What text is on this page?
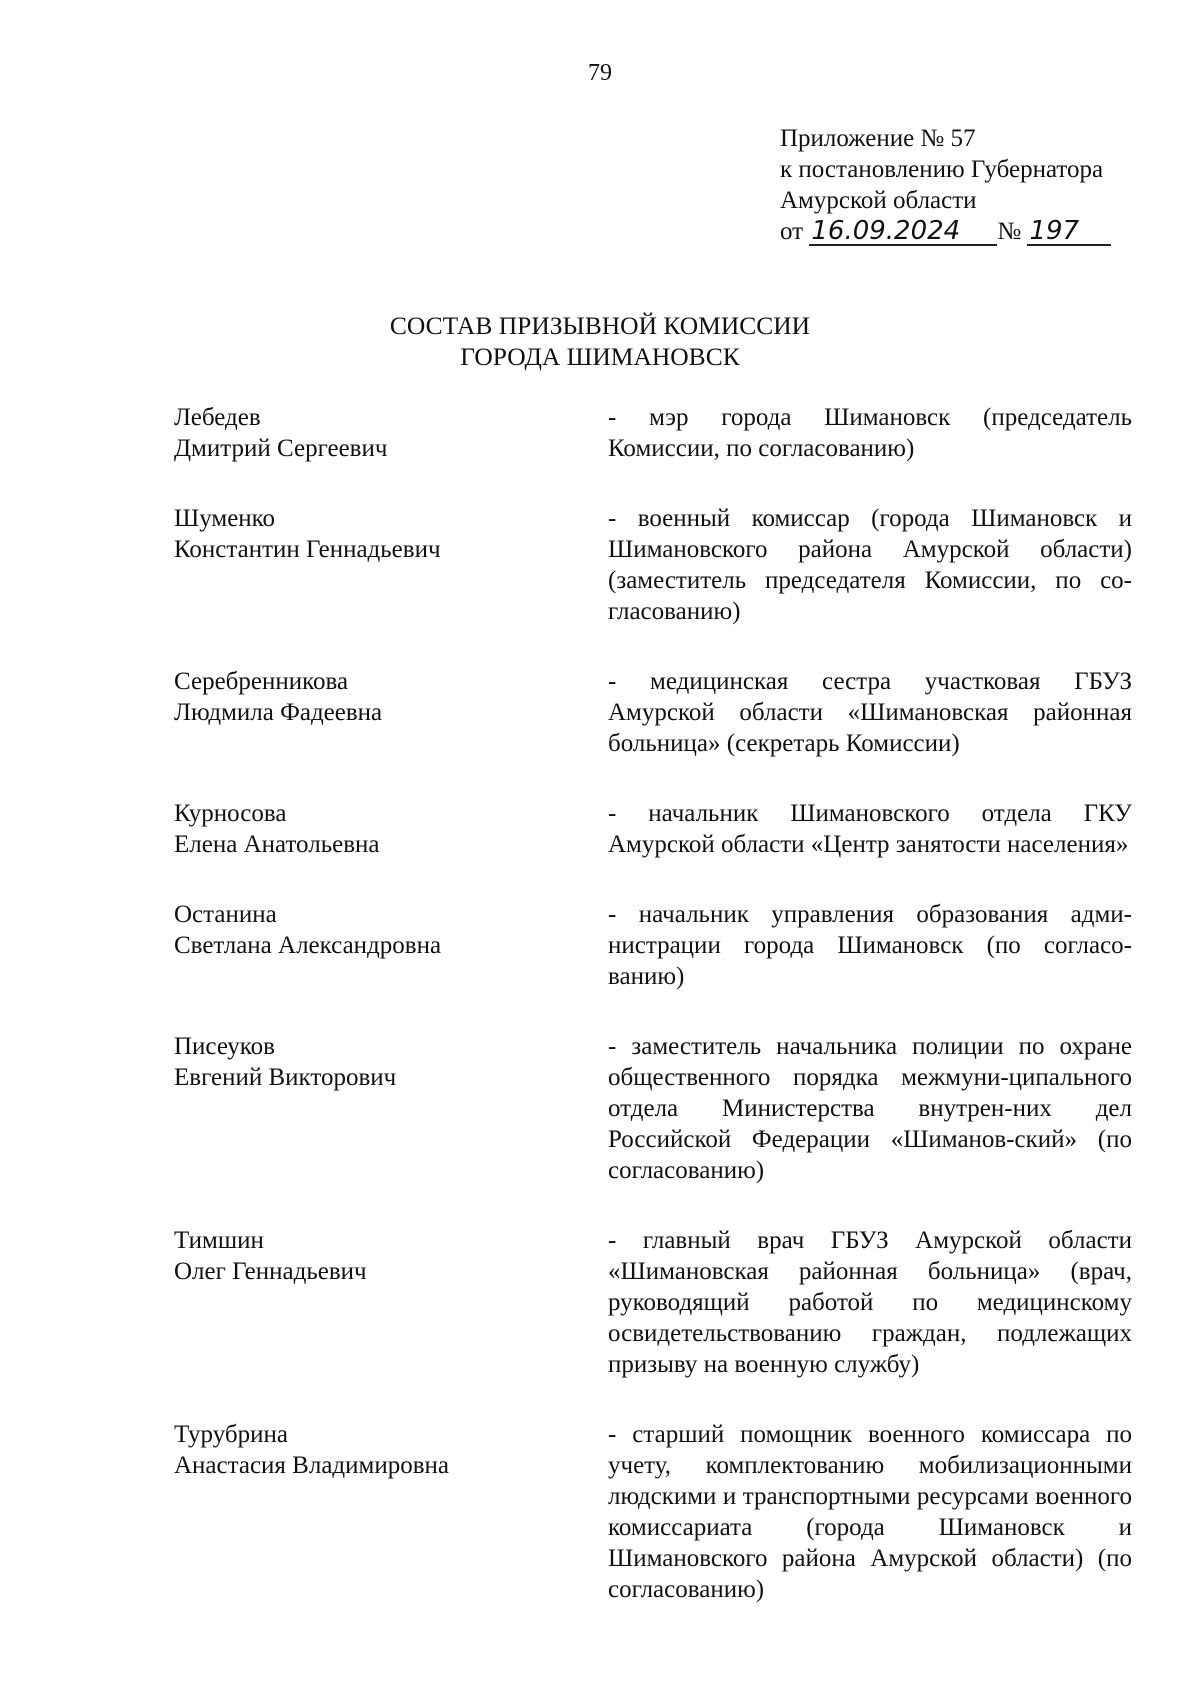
79
Приложение № 57
к постановлению Губернатора
Амурской области
от 16.09.2024 № 197
СОСТАВ ПРИЗЫВНОЙ КОМИССИИ
ГОРОДА ШИМАНОВСК
Лебедев
Дмитрий Сергеевич
- мэр города Шимановск (председатель Комиссии, по согласованию)
Шуменко
Константин Геннадьевич
- военный комиссар (города Шимановск и Шимановского района Амурской области) (заместитель председателя Комиссии, по со-гласованию)
Серебренникова
Людмила Фадеевна
- медицинская сестра участковая ГБУЗ Амурской области «Шимановская районная больница» (секретарь Комиссии)
Курносова
Елена Анатольевна
- начальник Шимановского отдела ГКУ Амурской области «Центр занятости населения»
Останина
Светлана Александровна
- начальник управления образования адми-нистрации города Шимановск (по согласо-ванию)
Писеуков
Евгений Викторович
- заместитель начальника полиции по охране общественного порядка межмуни-ципального отдела Министерства внутрен-них дел Российской Федерации «Шиманов-ский» (по согласованию)
Тимшин
Олег Геннадьевич
- главный врач ГБУЗ Амурской области «Шимановская районная больница» (врач, руководящий работой по медицинскому освидетельствованию граждан, подлежащих призыву на военную службу)
Турубрина
Анастасия Владимировна
- старший помощник военного комиссара по учету, комплектованию мобилизационными людскими и транспортными ресурсами военного комиссариата (города Шимановск и Шимановского района Амурской области) (по согласованию)
